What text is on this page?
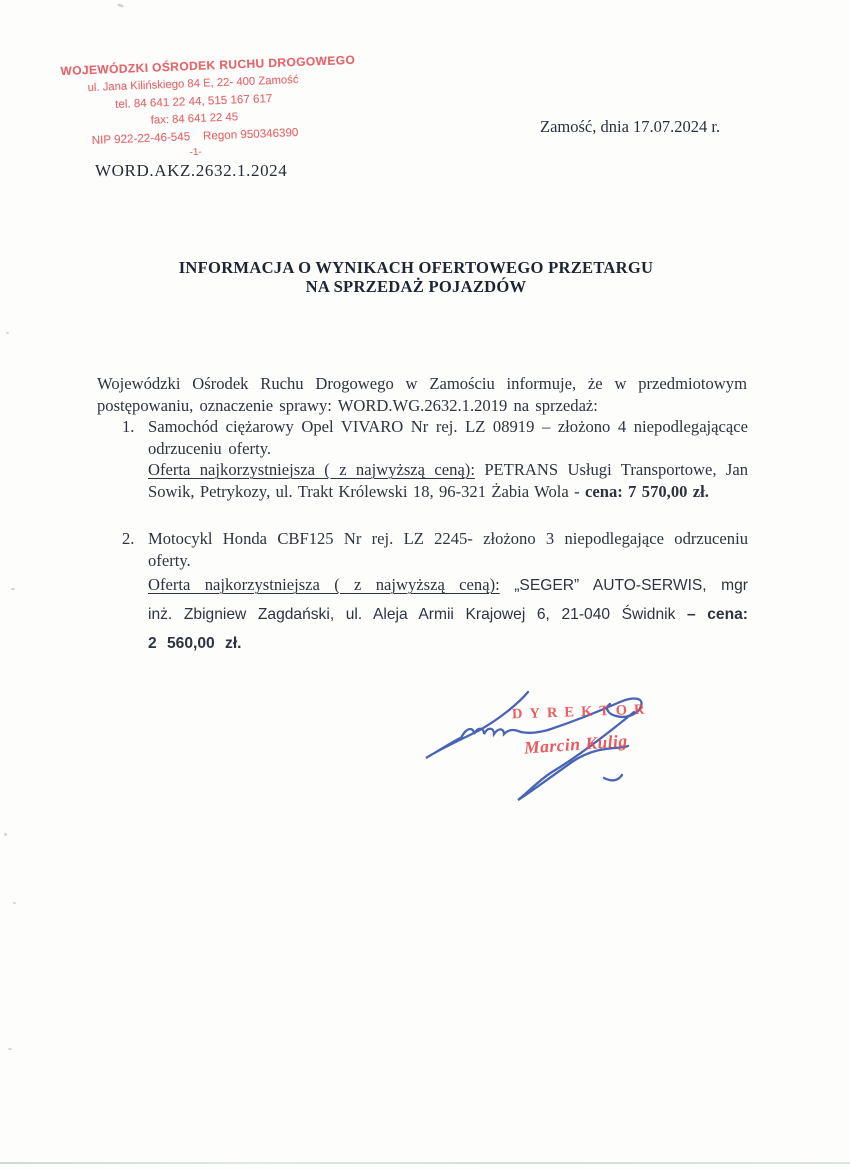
WOJEWÓDZKI OŚRODEK RUCHU DROGOWEGO
ul. Jana Kilińskiego 84 E, 22- 400 Zamość
tel. 84 641 22 44, 515 167 617
fax: 84 641 22 45
NIP 922-22-46-545    Regon 950346390
-1-
Zamość, dnia 17.07.2024 r.
WORD.AKZ.2632.1.2024
INFORMACJA O WYNIKACH OFERTOWEGO PRZETARGU
NA SPRZEDAŻ POJAZDÓW

Wojewódzki Ośrodek Ruchu Drogowego w Zamościu informuje, że w przedmiotowym postępowaniu, oznaczenie sprawy: WORD.WG.2632.1.2019 na sprzedaż:

1. Samochód ciężarowy Opel VIVARO Nr rej. LZ 08919 – złożono 4 niepodlegającące odrzuceniu oferty.

Oferta najkorzystniejsza ( z najwyższą ceną): PETRANS Usługi Transportowe, Jan Sowik, Petrykozy, ul. Trakt Królewski 18, 96-321 Żabia Wola - cena: 7 570,00 zł.

2. Motocykl Honda CBF125 Nr rej. LZ 2245- złożono 3 niepodlegające odrzuceniu oferty.

Oferta najkorzystniejsza ( z najwyższą ceną): „SEGER” AUTO-SERWIS, mgr inż. Zbigniew Zagdański, ul. Aleja Armii Krajowej 6, 21-040 Świdnik – cena: 2 560,00 zł.

DYREKTOR
Marcin Kulig
